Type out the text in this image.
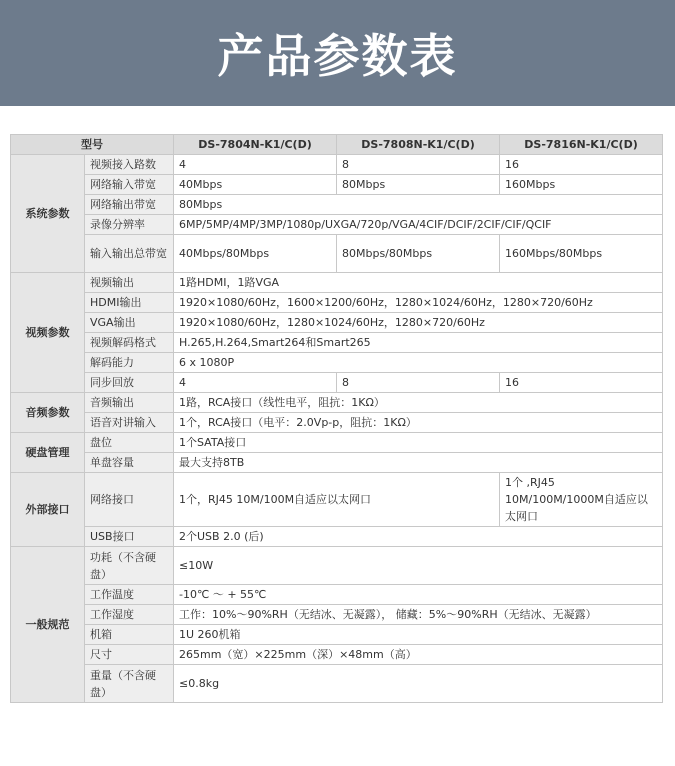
产品参数表
型号		DS-7804N-K1/C(D)	DS-7808N-K1/C(D)	DS-7816N-K1/C(D)
系统参数	视频接入路数	4	8	16
	网络输入带宽	40Mbps	80Mbps	160Mbps
	网络输出带宽	80Mbps		
	录像分辨率	6MP/5MP/4MP/3MP/1080p/UXGA/720p/VGA/4CIF/DCIF/2CIF/CIF/QCIF		
	输入输出总带宽	40Mbps/80Mbps	80Mbps/80Mbps	160Mbps/80Mbps
视频参数	视频输出	1路HDMI，1路VGA		
	HDMI输出	1920×1080/60Hz，1600×1200/60Hz，1280×1024/60Hz，1280×720/60Hz		
	VGA输出	1920×1080/60Hz，1280×1024/60Hz，1280×720/60Hz		
	视频解码格式	H.265,H.264,Smart264和Smart265		
	解码能力	6 x 1080P		
	同步回放	4	8	16
音频参数	音频输出	1路，RCA接口（线性电平，阻抗：1KΩ）		
	语音对讲输入	1个，RCA接口（电平：2.0Vp-p，阻抗：1KΩ）		
硬盘管理	盘位	1个SATA接口		
	单盘容量	最大支持8TB		
外部接口	网络接口	1个，RJ45 10M/100M自适应以太网口		1个 ,RJ45 10M/100M/1000M自适应以太网口
	USB接口	2个USB 2.0 (后)		
一般规范	功耗（不含硬盘）	≤10W		
	工作温度	-10℃ ～ + 55℃		
	工作湿度	工作：10%～90%RH（无结冰、无凝露）， 储藏：5%～90%RH（无结冰、无凝露）		
	机箱	1U 260机箱		
	尺寸	265mm（宽）×225mm（深）×48mm（高）		
	重量（不含硬盘）	≤0.8kg		
